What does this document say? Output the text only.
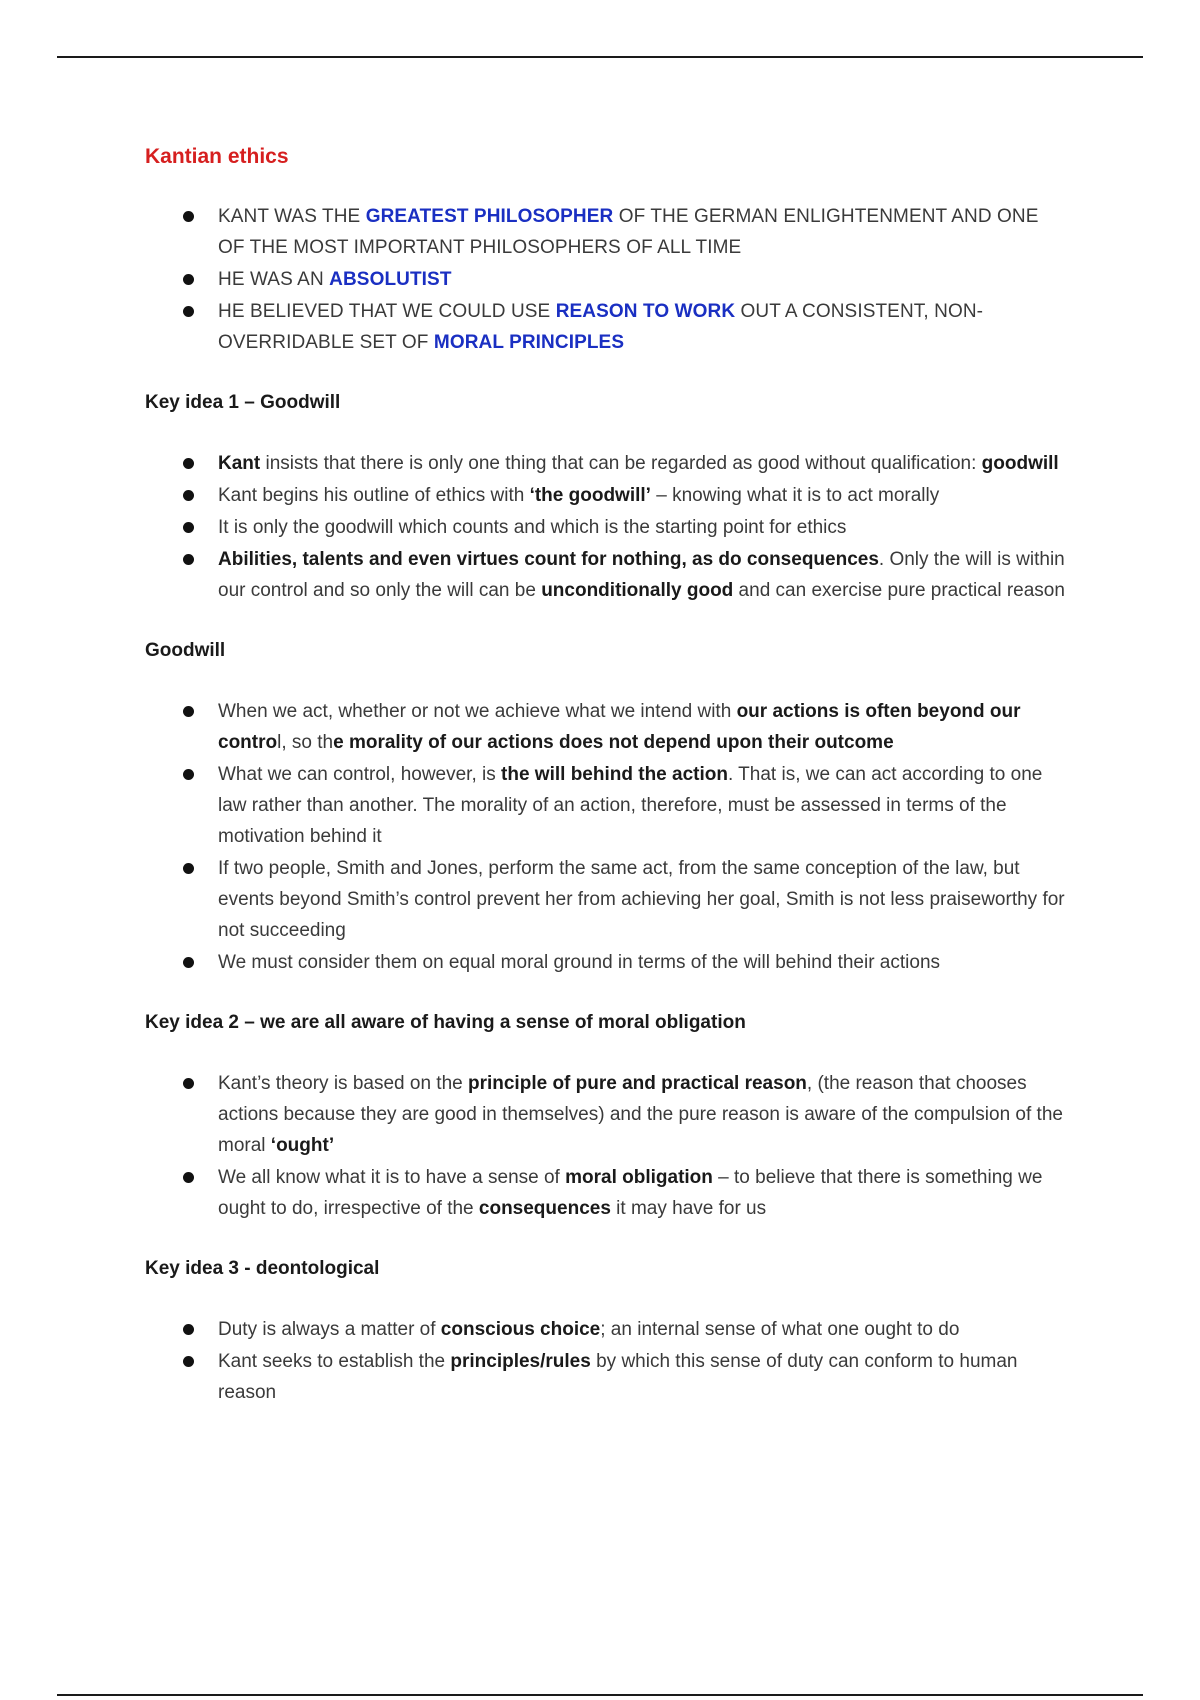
Kantian ethics
KANT WAS THE GREATEST PHILOSOPHER OF THE GERMAN ENLIGHTENMENT AND ONE OF THE MOST IMPORTANT PHILOSOPHERS OF ALL TIME
HE WAS AN ABSOLUTIST
HE BELIEVED THAT WE COULD USE REASON TO WORK OUT A CONSISTENT, NON-OVERRIDABLE SET OF MORAL PRINCIPLES
Key idea 1 – Goodwill
Kant insists that there is only one thing that can be regarded as good without qualification: goodwill
Kant begins his outline of ethics with ‘the goodwill’ – knowing what it is to act morally
It is only the goodwill which counts and which is the starting point for ethics
Abilities, talents and even virtues count for nothing, as do consequences. Only the will is within our control and so only the will can be unconditionally good and can exercise pure practical reason
Goodwill
When we act, whether or not we achieve what we intend with our actions is often beyond our control, so the morality of our actions does not depend upon their outcome
What we can control, however, is the will behind the action. That is, we can act according to one law rather than another. The morality of an action, therefore, must be assessed in terms of the motivation behind it
If two people, Smith and Jones, perform the same act, from the same conception of the law, but events beyond Smith’s control prevent her from achieving her goal, Smith is not less praiseworthy for not succeeding
We must consider them on equal moral ground in terms of the will behind their actions
Key idea 2 – we are all aware of having a sense of moral obligation
Kant’s theory is based on the principle of pure and practical reason, (the reason that chooses actions because they are good in themselves) and the pure reason is aware of the compulsion of the moral ‘ought’
We all know what it is to have a sense of moral obligation – to believe that there is something we ought to do, irrespective of the consequences it may have for us
Key idea 3 - deontological
Duty is always a matter of conscious choice; an internal sense of what one ought to do
Kant seeks to establish the principles/rules by which this sense of duty can conform to human reason
